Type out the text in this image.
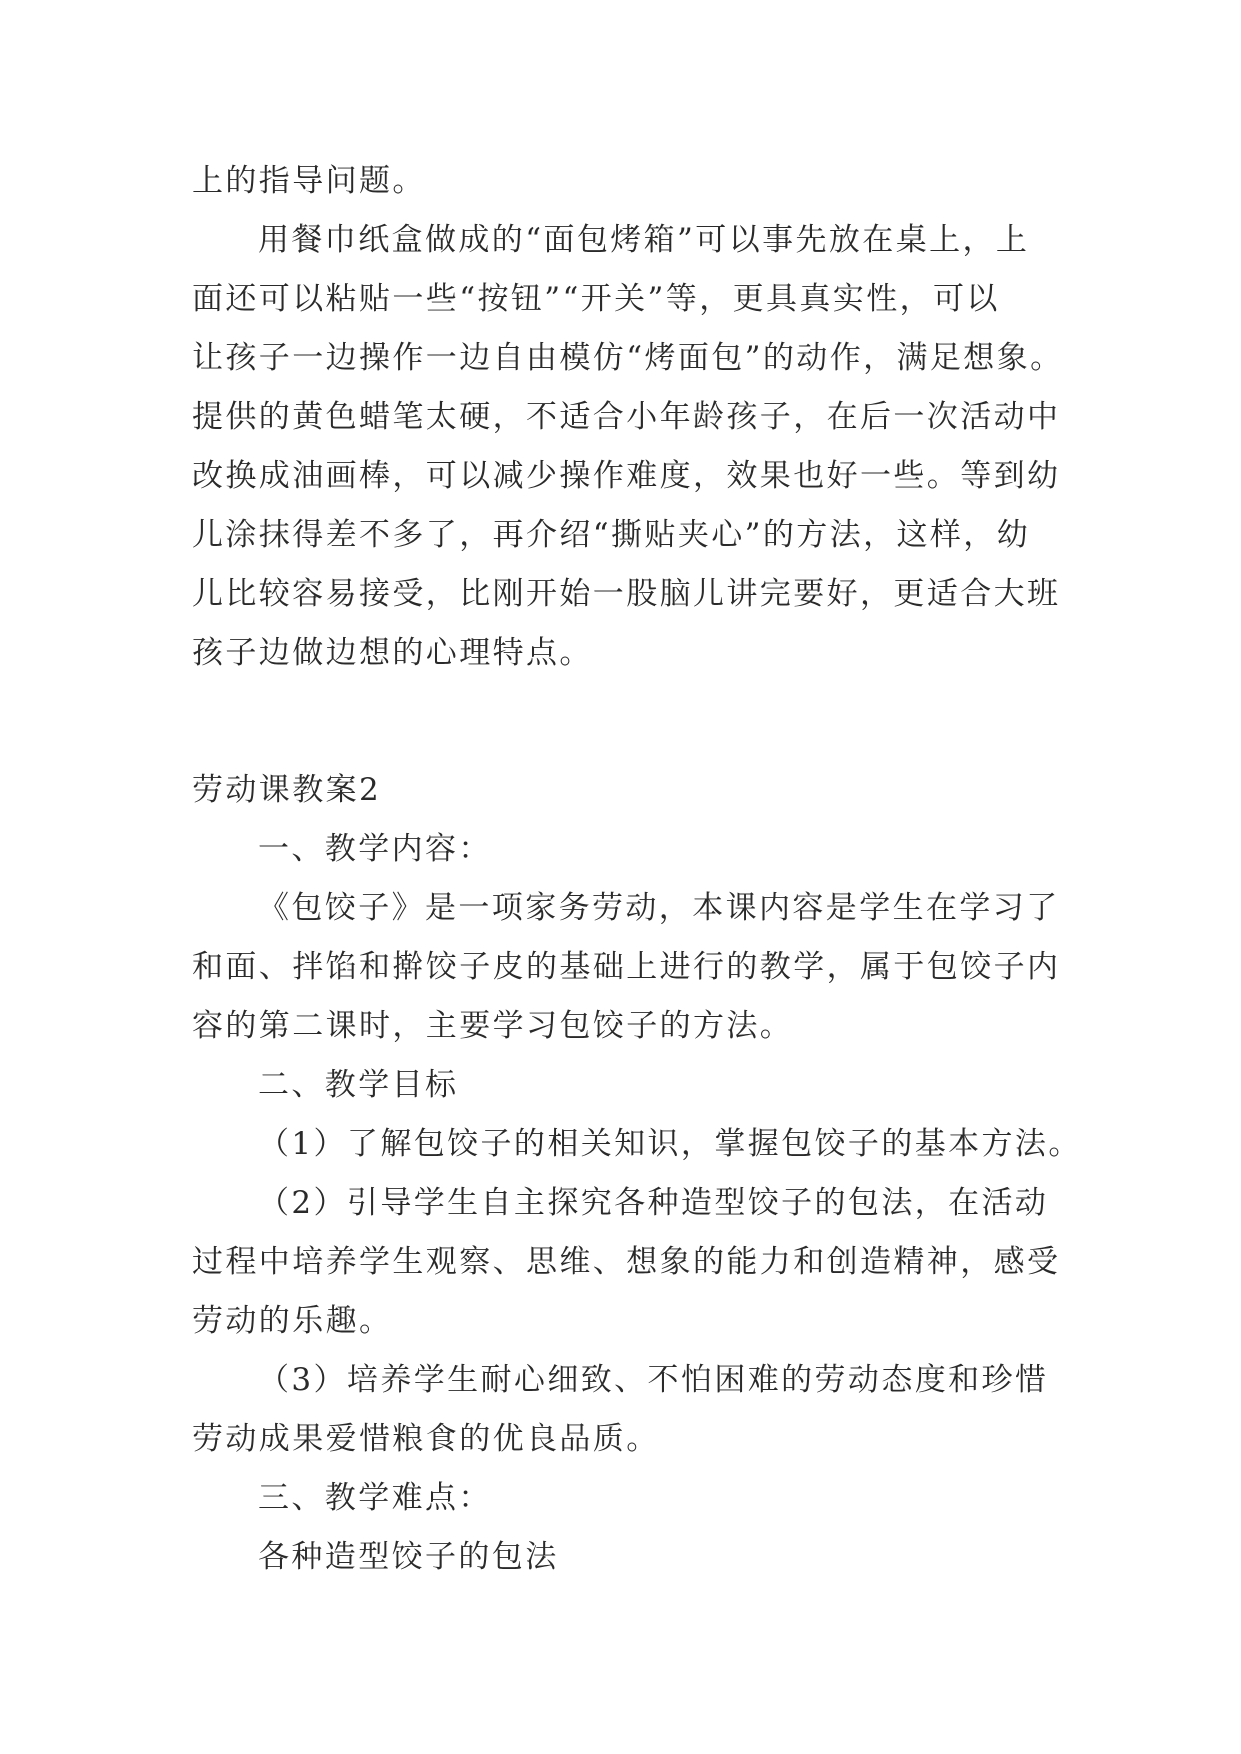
上的指导问题。
用餐巾纸盒做成的“面包烤箱”可以事先放在桌上，上
面还可以粘贴一些“按钮”“开关”等，更具真实性，可以
让孩子一边操作一边自由模仿“烤面包”的动作，满足想象。
提供的黄色蜡笔太硬，不适合小年龄孩子，在后一次活动中
改换成油画棒，可以减少操作难度，效果也好一些。等到幼
儿涂抹得差不多了，再介绍“撕贴夹心”的方法，这样，幼
儿比较容易接受，比刚开始一股脑儿讲完要好，更适合大班
孩子边做边想的心理特点。
劳动课教案2
一、教学内容：
《包饺子》是一项家务劳动，本课内容是学生在学习了
和面、拌馅和擀饺子皮的基础上进行的教学，属于包饺子内
容的第二课时，主要学习包饺子的方法。
二、教学目标
（1）了解包饺子的相关知识，掌握包饺子的基本方法。
（2）引导学生自主探究各种造型饺子的包法，在活动
过程中培养学生观察、思维、想象的能力和创造精神，感受
劳动的乐趣。
（3）培养学生耐心细致、不怕困难的劳动态度和珍惜
劳动成果爱惜粮食的优良品质。
三、教学难点：
各种造型饺子的包法
